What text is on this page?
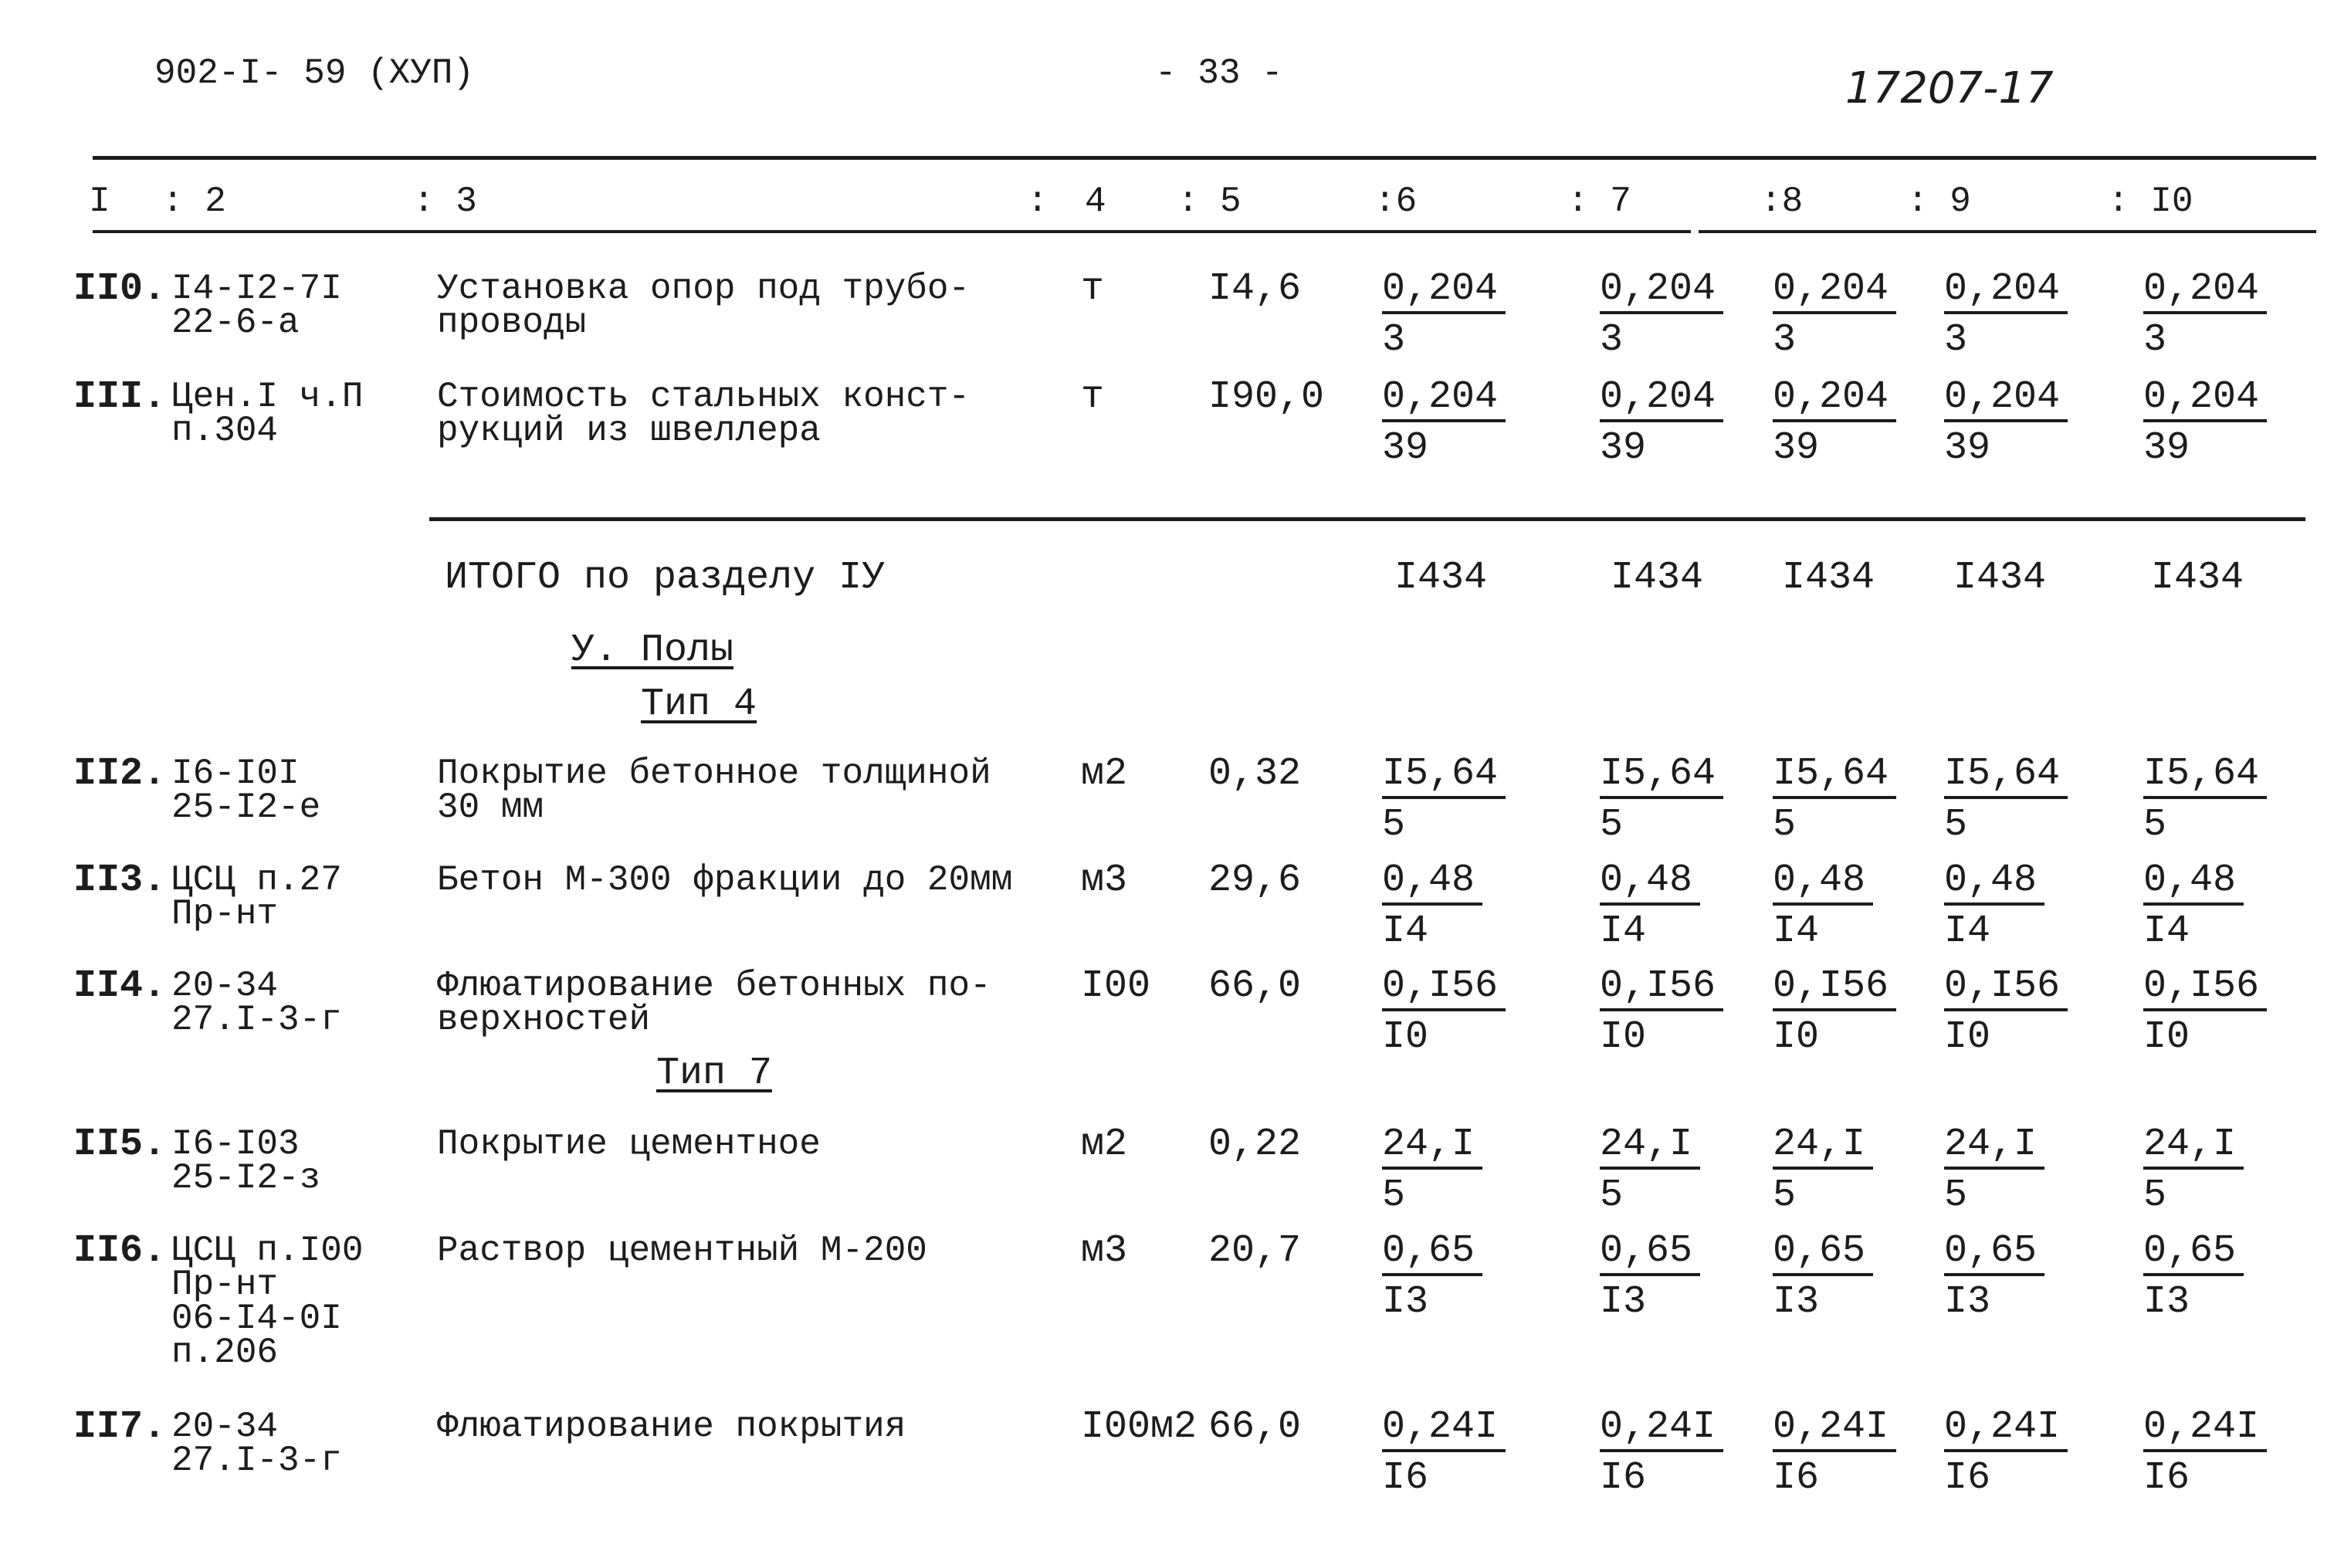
902-I- 59 (XУП)	- 33 -	17207-17
I : 2	: 3	: 4 : 5	:6	: 7	:8	: 9	: I0
II0. I4-I2-7I
22-6-a
Установка опор под трубо-
проводы
т	$I4,6 \frac{0,204}{3} \frac{0,204}{3} \frac{0,204}{3} \frac{0,204}{3} \frac{0,204}{3}$
III. Цен.I ч.П
п.304
Стоимость стальных конст-
рукций из швеллера
т	$I90,0 \frac{0,204}{39} \frac{0,204}{39} \frac{0,204}{39} \frac{0,204}{39} \frac{0,204}{39}$
II2. I6-I0I
25-I2-e
Покрытие бетонное толщиной
30 мм
м2 $0,32 \frac{I5,64}{5} \frac{I5,64}{5} \frac{I5,64}{5} \frac{I5,64}{5} \frac{I5,64}{5}$
II3. ЦСЦ п.27
Пр-нт
Бетон М-300 фракции до 20мм м3 $29,6 \frac{0,48}{I4}$	$\frac{0,48}{I4} \frac{0,48}{I4} \frac{0,48}{I4}$	$\frac{0,48}{I4}$
II4. 20-34
27.I-3-г
Флюатирование бетонных по-
верхностей
I00 $66,0 \frac{0,I56}{I0} \frac{0,I56}{I0} \frac{0,I56}{I0} \frac{0,I56}{I0} \frac{0,I56}{I0}$
II5. I6-I03
25-I2-з
Покрытие цементное	м2 $0,22 \frac{24,I}{5}$	$\frac{24,I}{5} \frac{24,I}{5} \frac{24,I}{5}$	$\frac{24,I}{5}$
II6. ЦСЦ п.I00
Пр-нт
06-I4-0I
п.206
Раствор цементный М-200	м3 $20,7 \frac{0,65}{I3}$	$\frac{0,65}{I3} \frac{0,65}{I3} \frac{0,65}{I3}$	$\frac{0,65}{I3}$
II7. 20-34
27.I-3-г
Флюатирование покрытия	I00м2 $66,0 \frac{0,24I}{I6} \frac{0,24I}{I6} \frac{0,24I}{I6} \frac{0,24I}{I6} \frac{0,24I}{I6}$
ИТОГО по разделу IУ	I434	I434 I434 I434	I434
У. Полы
Тип 4
Тип 7
